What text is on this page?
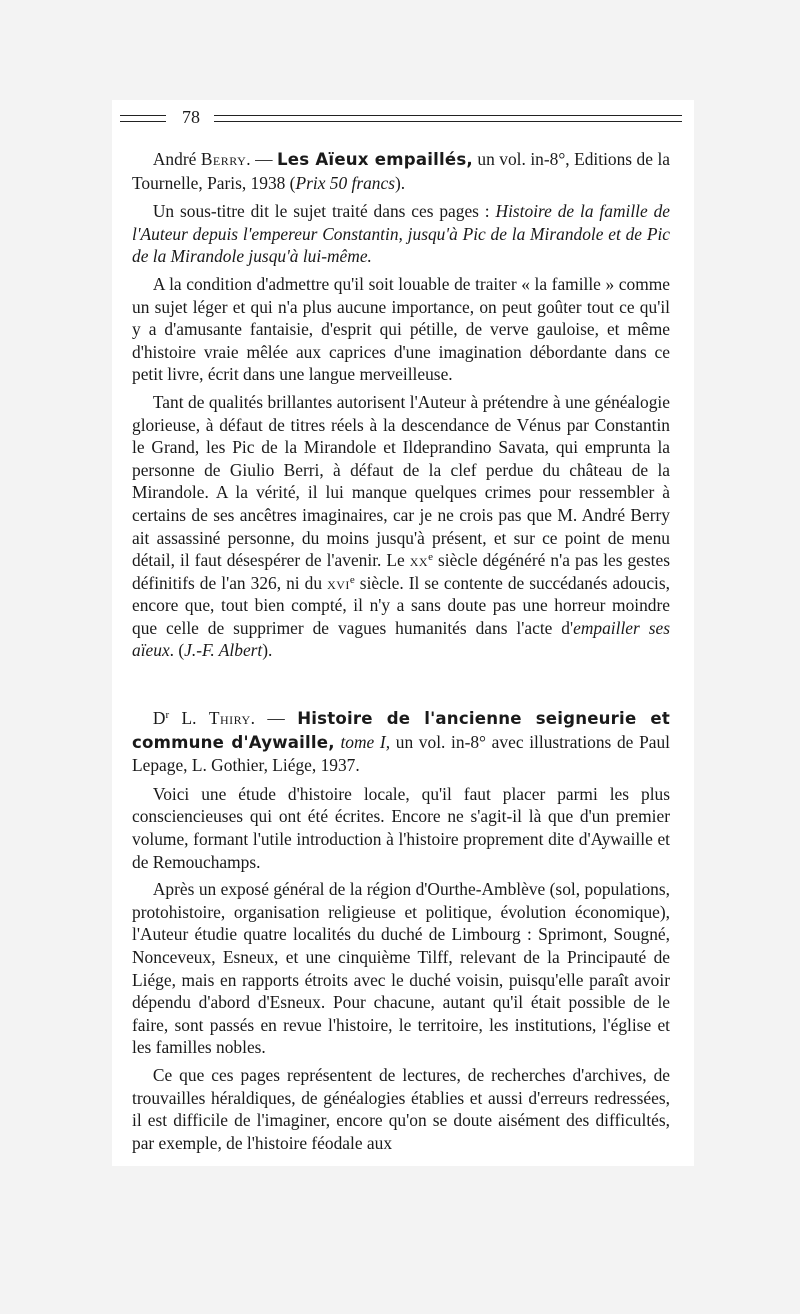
78

André Berry. — Les Aïeux empaillés, un vol. in-8°, Editions de la Tournelle, Paris, 1938 (Prix 50 francs).

Un sous-titre dit le sujet traité dans ces pages : Histoire de la famille de l'Auteur depuis l'empereur Constantin, jusqu'à Pic de la Mirandole et de Pic de la Mirandole jusqu'à lui-même.

A la condition d'admettre qu'il soit louable de traiter « la famille » comme un sujet léger et qui n'a plus aucune importance, on peut goûter tout ce qu'il y a d'amusante fantaisie, d'esprit qui pétille, de verve gauloise, et même d'histoire vraie mêlée aux caprices d'une imagination débordante dans ce petit livre, écrit dans une langue merveilleuse.

Tant de qualités brillantes autorisent l'Auteur à prétendre à une généalogie glorieuse, à défaut de titres réels à la descendance de Vénus par Constantin le Grand, les Pic de la Mirandole et Ildeprandino Savata, qui emprunta la personne de Giulio Berri, à défaut de la clef perdue du château de la Mirandole. A la vérité, il lui manque quelques crimes pour ressembler à certains de ses ancêtres imaginaires, car je ne crois pas que M. André Berry ait assassiné personne, du moins jusqu'à présent, et sur ce point de menu détail, il faut désespérer de l'avenir. Le $xx^e$ siècle dégénéré n'a pas les gestes définitifs de l'an 326, ni du xvi$^e$ siècle. Il se contente de succédanés adoucis, encore que, tout bien compté, il n'y a sans doute pas une horreur moindre que celle de supprimer de vagues humanités dans l'acte d'empailler ses aïeux. (J.-F. Albert).

$D^r$ L. Thiry. — Histoire de l'ancienne seigneurie et commune d'Aywaille, tome I, un vol. in-8° avec illustrations de Paul Lepage, L. Gothier, Liége, 1937.

Voici une étude d'histoire locale, qu'il faut placer parmi les plus consciencieuses qui ont été écrites. Encore ne s'agit-il là que d'un premier volume, formant l'utile introduction à l'histoire proprement dite d'Aywaille et de Remouchamps.

Après un exposé général de la région d'Ourthe-Amblève (sol, populations, protohistoire, organisation religieuse et politique, évolution économique), l'Auteur étudie quatre localités du duché de Limbourg : Sprimont, Sougné, Nonceveux, Esneux, et une cinquième Tilff, relevant de la Principauté de Liége, mais en rapports étroits avec le duché voisin, puisqu'elle paraît avoir dépendu d'abord d'Esneux. Pour chacune, autant qu'il était possible de le faire, sont passés en revue l'histoire, le territoire, les institutions, l'église et les familles nobles.

Ce que ces pages représentent de lectures, de recherches d'archives, de trouvailles héraldiques, de généalogies établies et aussi d'erreurs redressées, il est difficile de l'imaginer, encore qu'on se doute aisément des difficultés, par exemple, de l'histoire féodale aux
